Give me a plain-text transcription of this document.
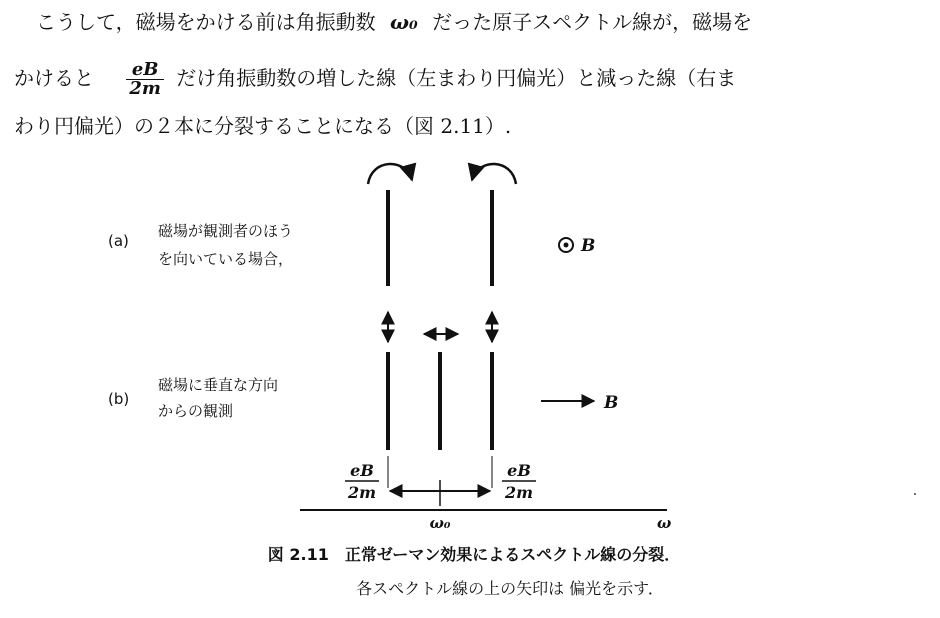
こうして，磁場をかける前は角振動数 ω₀ だった原子スペクトル線が，磁場を
かけると $\frac{eB}{2m}$ だけ角振動数の増した線（左まわり円偏光）と減った線（右ま
わり円偏光）の２本に分裂することになる（図 2.11）.
(a)
磁場が観測者のほう
を向いている場合，
(b)
磁場に垂直な方向
からの観測
B
B
eB
2m
eB
2m
ω₀	ω
図 2.11　正常ゼーマン効果によるスペクトル線の分裂．
各スペクトル線の上の矢印は 偏光を示す．
